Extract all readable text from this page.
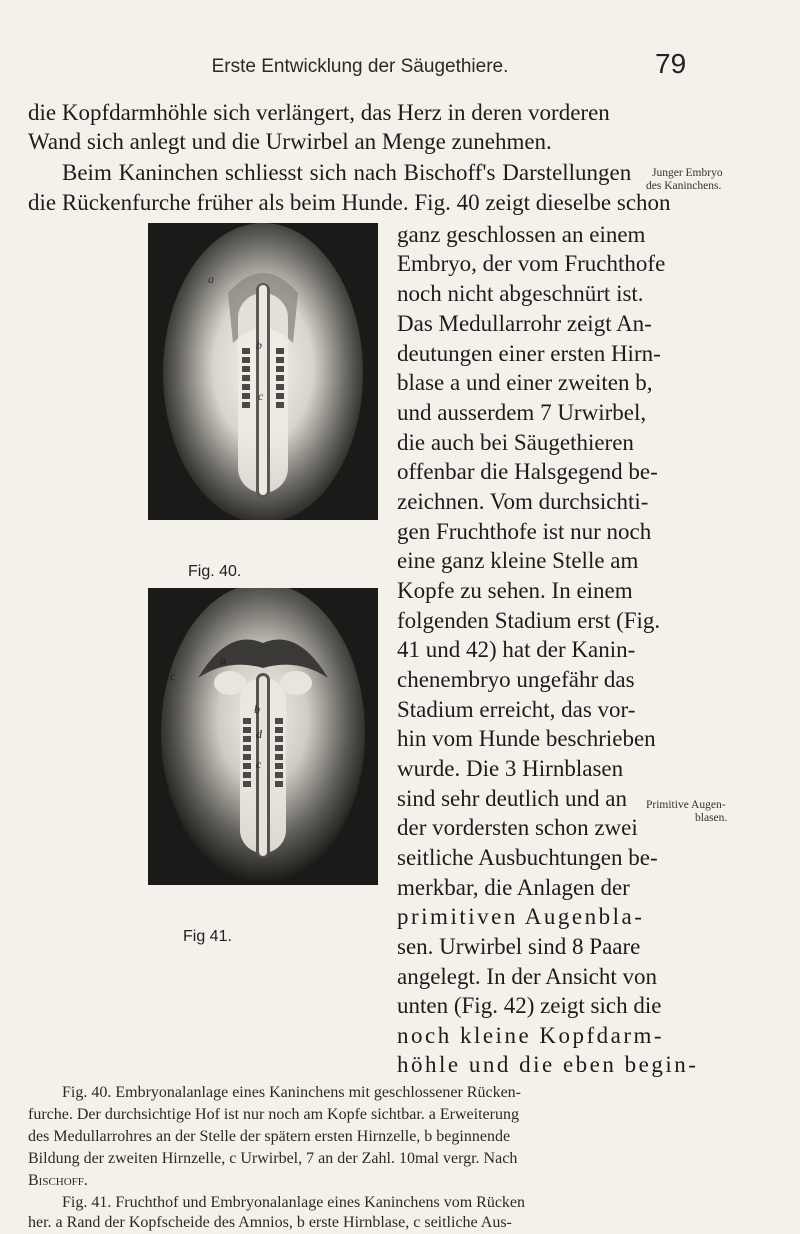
Erste Entwicklung der Säugethiere.	79
die Kopfdarmhöhle sich verlängert, das Herz in deren vorderen
Wand sich anlegt und die Urwirbel an Menge zunehmen.
Beim Kaninchen schliesst sich nach Bischoff's Darstellungen
die Rückenfurche früher als beim Hunde. Fig. 40 zeigt dieselbe schon
Junger Embryo
des Kaninchens.
Primitive Augen-
blasen.
a
b
c
Fig. 40.
a
b
c
c
d
Fig 41.
ganz geschlossen an einem
Embryo, der vom Fruchthofe
noch nicht abgeschnürt ist.
Das Medullarrohr zeigt An-
deutungen einer ersten Hirn-
blase a und einer zweiten b,
und ausserdem 7 Urwirbel,
die auch bei Säugethieren
offenbar die Halsgegend be-
zeichnen. Vom durchsichti-
gen Fruchthofe ist nur noch
eine ganz kleine Stelle am
Kopfe zu sehen. In einem
folgenden Stadium erst (Fig.
41 und 42) hat der Kanin-
chenembryo ungefähr das
Stadium erreicht, das vor-
hin vom Hunde beschrieben
wurde. Die 3 Hirnblasen
sind sehr deutlich und an
der vordersten schon zwei
seitliche Ausbuchtungen be-
merkbar, die Anlagen der
primitiven Augenbla-
sen. Urwirbel sind 8 Paare
angelegt. In der Ansicht von
unten (Fig. 42) zeigt sich die
noch kleine Kopfdarm-
höhle und die eben begin-
Fig. 40. Embryonalanlage eines Kaninchens mit geschlossener Rücken-
furche. Der durchsichtige Hof ist nur noch am Kopfe sichtbar. a Erweiterung
des Medullarrohres an der Stelle der spätern ersten Hirnzelle, b beginnende
Bildung der zweiten Hirnzelle, c Urwirbel, 7 an der Zahl. 10mal vergr. Nach
Bischoff.
Fig. 41. Fruchthof und Embryonalanlage eines Kaninchens vom Rücken
her. a Rand der Kopfscheide des Amnios, b erste Hirnblase, c seitliche Aus-
